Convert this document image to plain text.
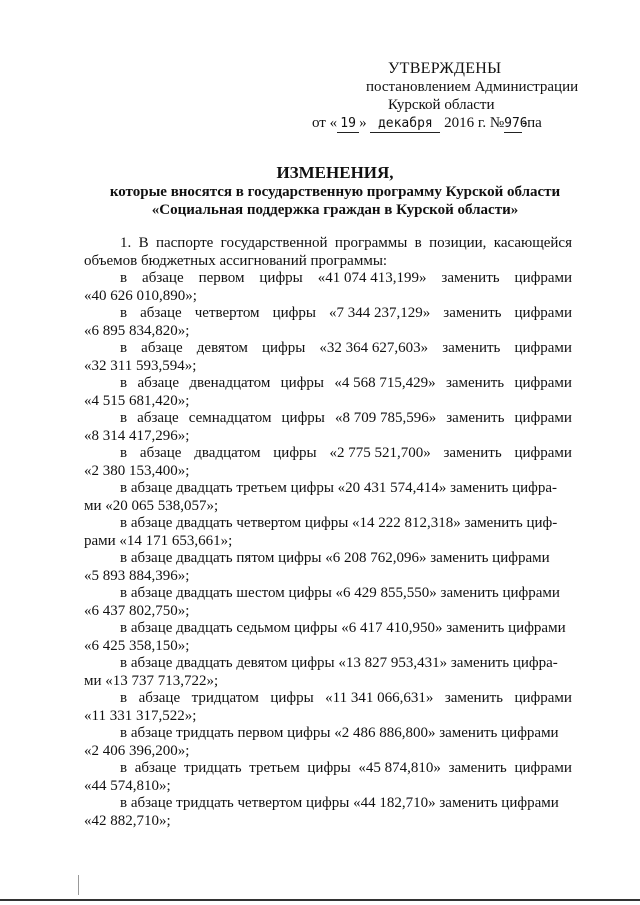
УТВЕРЖДЕНЫ
постановлением Администрации
Курской области
от « 19 » декабря 2016 г. №976-па
ИЗМЕНЕНИЯ,
которые вносятся в государственную программу Курской области
«Социальная поддержка граждан в Курской области»

1. В паспорте государственной программы в позиции, касающейся объемов бюджетных ассигнований программы:

в абзаце первом цифры «41 074 413,199» заменить цифрами
«40 626 010,890»;
в абзаце четвертом цифры «7 344 237,129» заменить цифрами
«6 895 834,820»;
в абзаце девятом цифры «32 364 627,603» заменить цифрами
«32 311 593,594»;
в абзаце двенадцатом цифры «4 568 715,429» заменить цифрами
«4 515 681,420»;
в абзаце семнадцатом цифры «8 709 785,596» заменить цифрами
«8 314 417,296»;
в абзаце двадцатом цифры «2 775 521,700» заменить цифрами
«2 380 153,400»;
в абзаце двадцать третьем цифры «20 431 574,414» заменить цифра-
ми «20 065 538,057»;
в абзаце двадцать четвертом цифры «14 222 812,318» заменить циф-
рами «14 171 653,661»;
в абзаце двадцать пятом цифры «6 208 762,096» заменить цифрами
«5 893 884,396»;
в абзаце двадцать шестом цифры «6 429 855,550» заменить цифрами
«6 437 802,750»;
в абзаце двадцать седьмом цифры «6 417 410,950» заменить цифрами
«6 425 358,150»;
в абзаце двадцать девятом цифры «13 827 953,431» заменить цифра-
ми «13 737 713,722»;
в абзаце тридцатом цифры «11 341 066,631» заменить цифрами
«11 331 317,522»;
в абзаце тридцать первом цифры «2 486 886,800» заменить цифрами
«2 406 396,200»;
в абзаце тридцать третьем цифры «45 874,810» заменить цифрами
«44 574,810»;
в абзаце тридцать четвертом цифры «44 182,710» заменить цифрами
«42 882,710»;
